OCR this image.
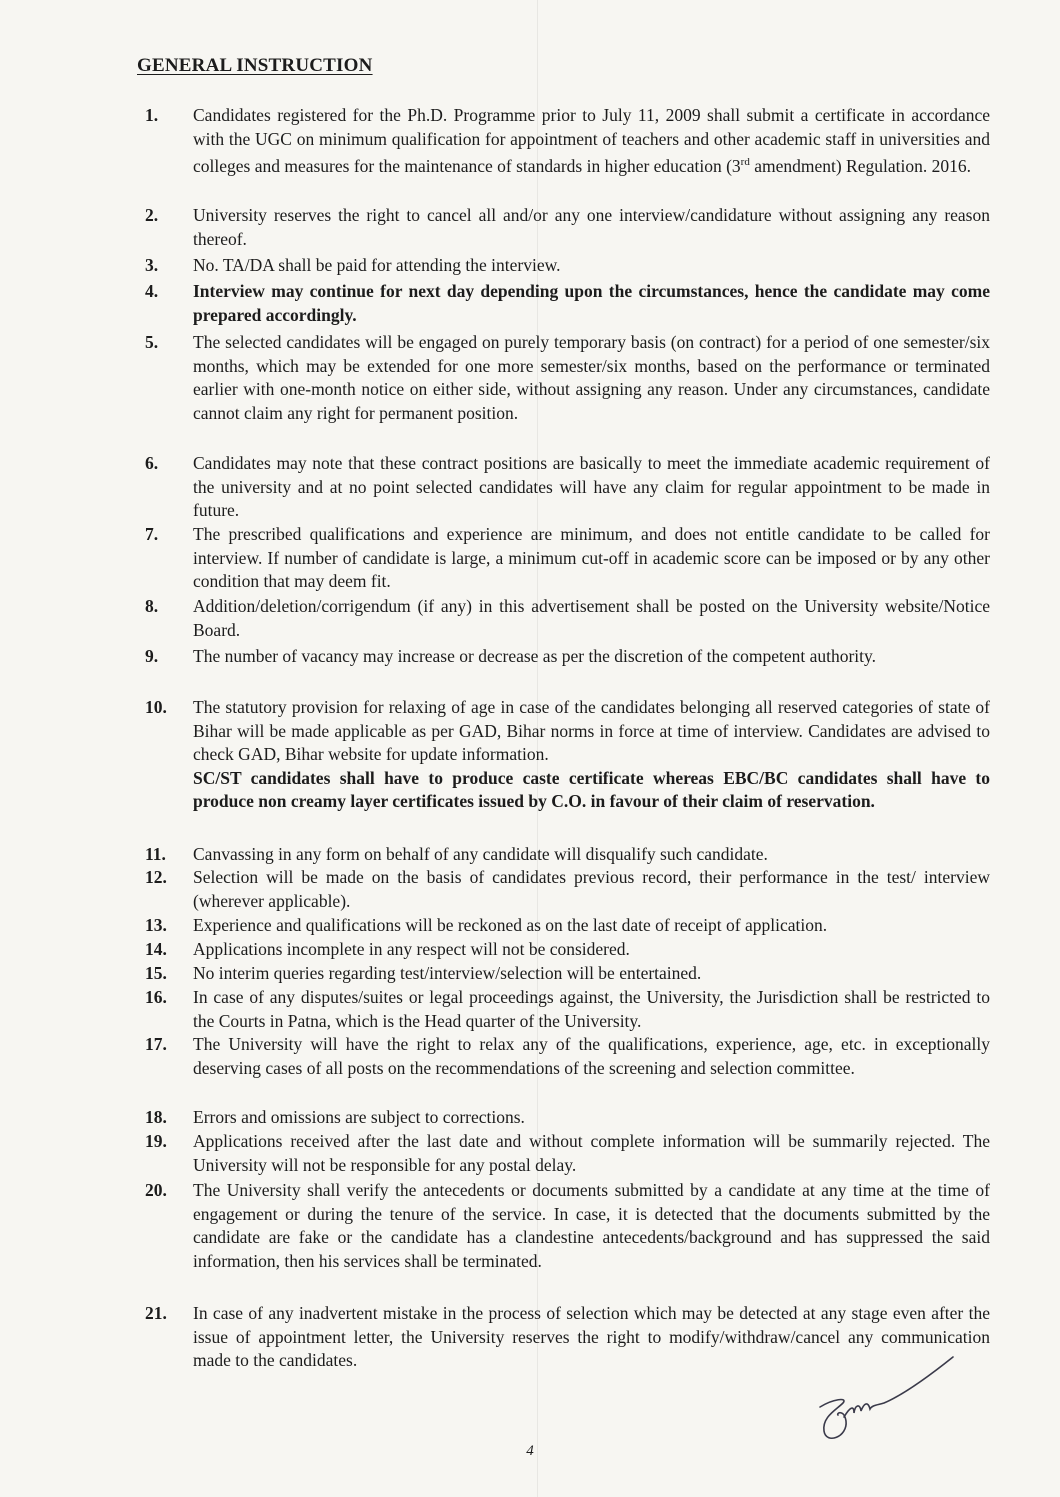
GENERAL INSTRUCTION
1. Candidates registered for the Ph.D. Programme prior to July 11, 2009 shall submit a certificate in accordance with the UGC on minimum qualification for appointment of teachers and other academic staff in universities and colleges and measures for the maintenance of standards in higher education (3rd amendment) Regulation. 2016.
2. University reserves the right to cancel all and/or any one interview/candidature without assigning any reason thereof.
3. No. TA/DA shall be paid for attending the interview.
4. Interview may continue for next day depending upon the circumstances, hence the candidate may come prepared accordingly.
5. The selected candidates will be engaged on purely temporary basis (on contract) for a period of one semester/six months, which may be extended for one more semester/six months, based on the performance or terminated earlier with one-month notice on either side, without assigning any reason. Under any circumstances, candidate cannot claim any right for permanent position.
6. Candidates may note that these contract positions are basically to meet the immediate academic requirement of the university and at no point selected candidates will have any claim for regular appointment to be made in future.
7. The prescribed qualifications and experience are minimum, and does not entitle candidate to be called for interview. If number of candidate is large, a minimum cut-off in academic score can be imposed or by any other condition that may deem fit.
8. Addition/deletion/corrigendum (if any) in this advertisement shall be posted on the University website/Notice Board.
9. The number of vacancy may increase or decrease as per the discretion of the competent authority.
10. The statutory provision for relaxing of age in case of the candidates belonging all reserved categories of state of Bihar will be made applicable as per GAD, Bihar norms in force at time of interview. Candidates are advised to check GAD, Bihar website for update information.
SC/ST candidates shall have to produce caste certificate whereas EBC/BC candidates shall have to produce non creamy layer certificates issued by C.O. in favour of their claim of reservation.
11. Canvassing in any form on behalf of any candidate will disqualify such candidate.
12. Selection will be made on the basis of candidates previous record, their performance in the test/ interview (wherever applicable).
13. Experience and qualifications will be reckoned as on the last date of receipt of application.
14. Applications incomplete in any respect will not be considered.
15. No interim queries regarding test/interview/selection will be entertained.
16. In case of any disputes/suites or legal proceedings against, the University, the Jurisdiction shall be restricted to the Courts in Patna, which is the Head quarter of the University.
17. The University will have the right to relax any of the qualifications, experience, age, etc. in exceptionally deserving cases of all posts on the recommendations of the screening and selection committee.
18. Errors and omissions are subject to corrections.
19. Applications received after the last date and without complete information will be summarily rejected. The University will not be responsible for any postal delay.
20. The University shall verify the antecedents or documents submitted by a candidate at any time at the time of engagement or during the tenure of the service. In case, it is detected that the documents submitted by the candidate are fake or the candidate has a clandestine antecedents/background and has suppressed the said information, then his services shall be terminated.
21. In case of any inadvertent mistake in the process of selection which may be detected at any stage even after the issue of appointment letter, the University reserves the right to modify/withdraw/cancel any communication made to the candidates.
4
